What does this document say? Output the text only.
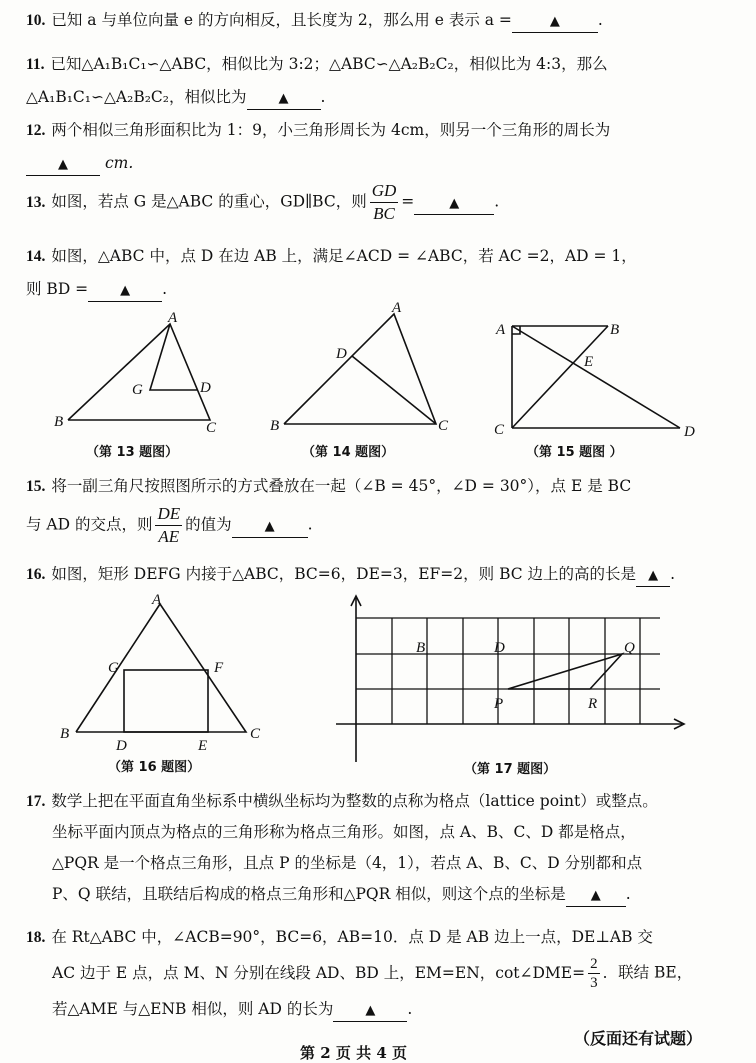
10. 已知 a 与单位向量 e 的方向相反，且长度为 2，那么用 e 表示 a =	▲ .
11. 已知△A₁B₁C₁∽△ABC，相似比为 3:2；△ABC∽△A₂B₂C₂，相似比为 4:3，那么
△A₁B₁C₁∽△A₂B₂C₂，相似比为 ▲ .
12. 两个相似三角形面积比为 1：9，小三角形周长为 4cm，则另一个三角形的周长为
▲ cm.
13. 如图，若点 G 是△ABC 的重心，GD∥BC，则 $\frac{GD}{BC}$ =	▲ .
14. 如图，△ABC 中，点 D 在边 AB 上，满足∠ACD = ∠ABC，若 AC =2，AD = 1，
则 BD = ▲ .
A
B	C
D
G
（第 13 题图）
A
B	C
D
（第 14 题图）
A	B
C	D
E
（第 15 题图 ）
15. 将一副三角尺按照图所示的方式叠放在一起（∠B = 45°，∠D = 30°），点 E 是 BC
与 AD 的交点，则 $\frac{DE}{AE}$ 的值为	▲ .
16. 如图，矩形 DEFG 内接于△ABC，BC=6，DE=3，EF=2，则 BC 边上的高的长是 ▲ .
A
B	C
G	F
D	E
（第 16 题图）
B	D	Q
P	R
（第 17 题图）
17. 数学上把在平面直角坐标系中横纵坐标均为整数的点称为格点（lattice point）或整点。
坐标平面内顶点为格点的三角形称为格点三角形。如图，点 A、B、C、D 都是格点，
△PQR 是一个格点三角形，且点 P 的坐标是（4，1），若点 A、B、C、D 分别都和点
P、Q 联结，且联结后构成的格点三角形和△PQR 相似，则这个点的坐标是 ▲ .
18. 在 Rt△ABC 中，∠ACB=90°，BC=6，AB=10．点 D 是 AB 边上一点，DE⊥AB 交
AC 边于 E 点，点 M、N 分别在线段 AD、BD 上，EM=EN，cot∠DME= $\frac{2}{3}$ ．联结 BE，
若△AME 与△ENB 相似，则 AD 的长为 ▲ .
（反面还有试题）
第 2 页 共 4 页
